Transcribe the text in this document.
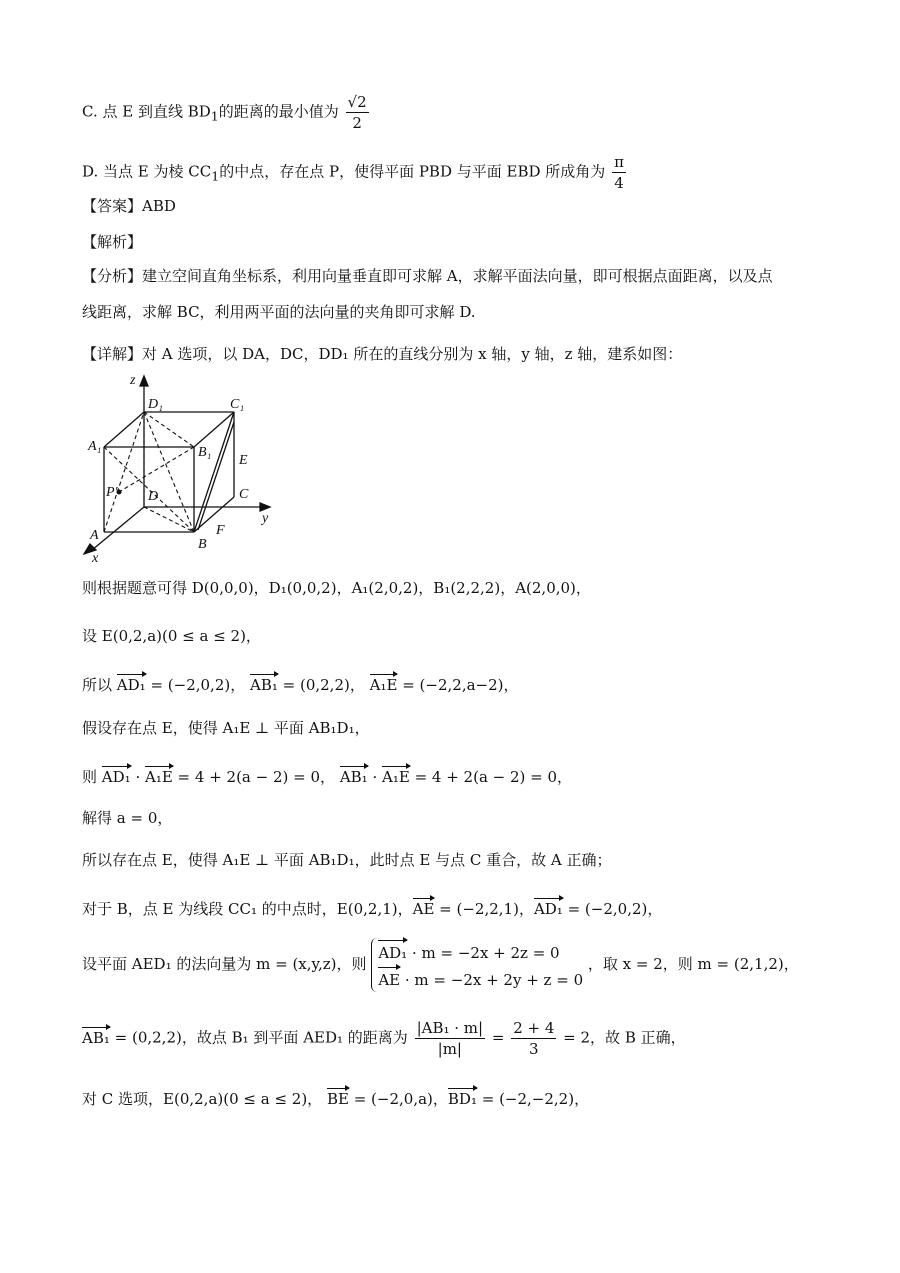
C. 点 E 到直线 $BD_1$的距离的最小值为 $\frac{√2}{2}$
D. 当点 E 为棱 $CC_1$的中点，存在点 P，使得平面 PBD 与平面 EBD 所成角为 $\frac{\pi}{4}$
【答案】ABD
【解析】
【分析】建立空间直角坐标系，利用向量垂直即可求解 A，求解平面法向量，即可根据点面距离，以及点
线距离，求解 BC，利用两平面的法向量的夹角即可求解 D.
【详解】对 A 选项，以 DA，DC，DD₁ 所在的直线分别为 x 轴，y 轴，z 轴，建系如图：
z
y
x
D₁	C₁
A₁	B₁
E
P′ D	C
A
B
F
则根据题意可得 D(0,0,0)，D₁(0,0,2)，A₁(2,0,2)，B₁(2,2,2)，A(2,0,0)，
设 E(0,2,a)(0 ≤ a ≤ 2)，
所以 AD₁ = (−2,0,2)， AB₁ = (0,2,2)， A₁E = (−2,2,a−2)，
假设存在点 E，使得 A₁E ⊥ 平面 AB₁D₁，
则 AD₁ · A₁E = 4 + 2(a − 2) = 0， AB₁ · A₁E = 4 + 2(a − 2) = 0，
解得 a = 0，
所以存在点 E，使得 A₁E ⊥ 平面 AB₁D₁，此时点 E 与点 C 重合，故 A 正确；
对于 B，点 E 为线段 CC₁ 的中点时，E(0,2,1)，AE = (−2,2,1)，AD₁ = (−2,0,2)，
设平面 AED₁ 的法向量为 m = (x,y,z)，则
AD₁ · m = −2x + 2z = 0
AE · m = −2x + 2y + z = 0
，取 x = 2，则 m = (2,1,2)，
AB₁ = (0,2,2)，故点 B₁ 到平面 AED₁ 的距离为 $\frac{\text{|AB₁ · m|}}{|m|} = \frac{2 + 4}{3} = 2$，故 B 正确，
对 C 选项，E(0,2,a)(0 ≤ a ≤ 2)， BE = (−2,0,a)，BD₁ = (−2,−2,2)，
